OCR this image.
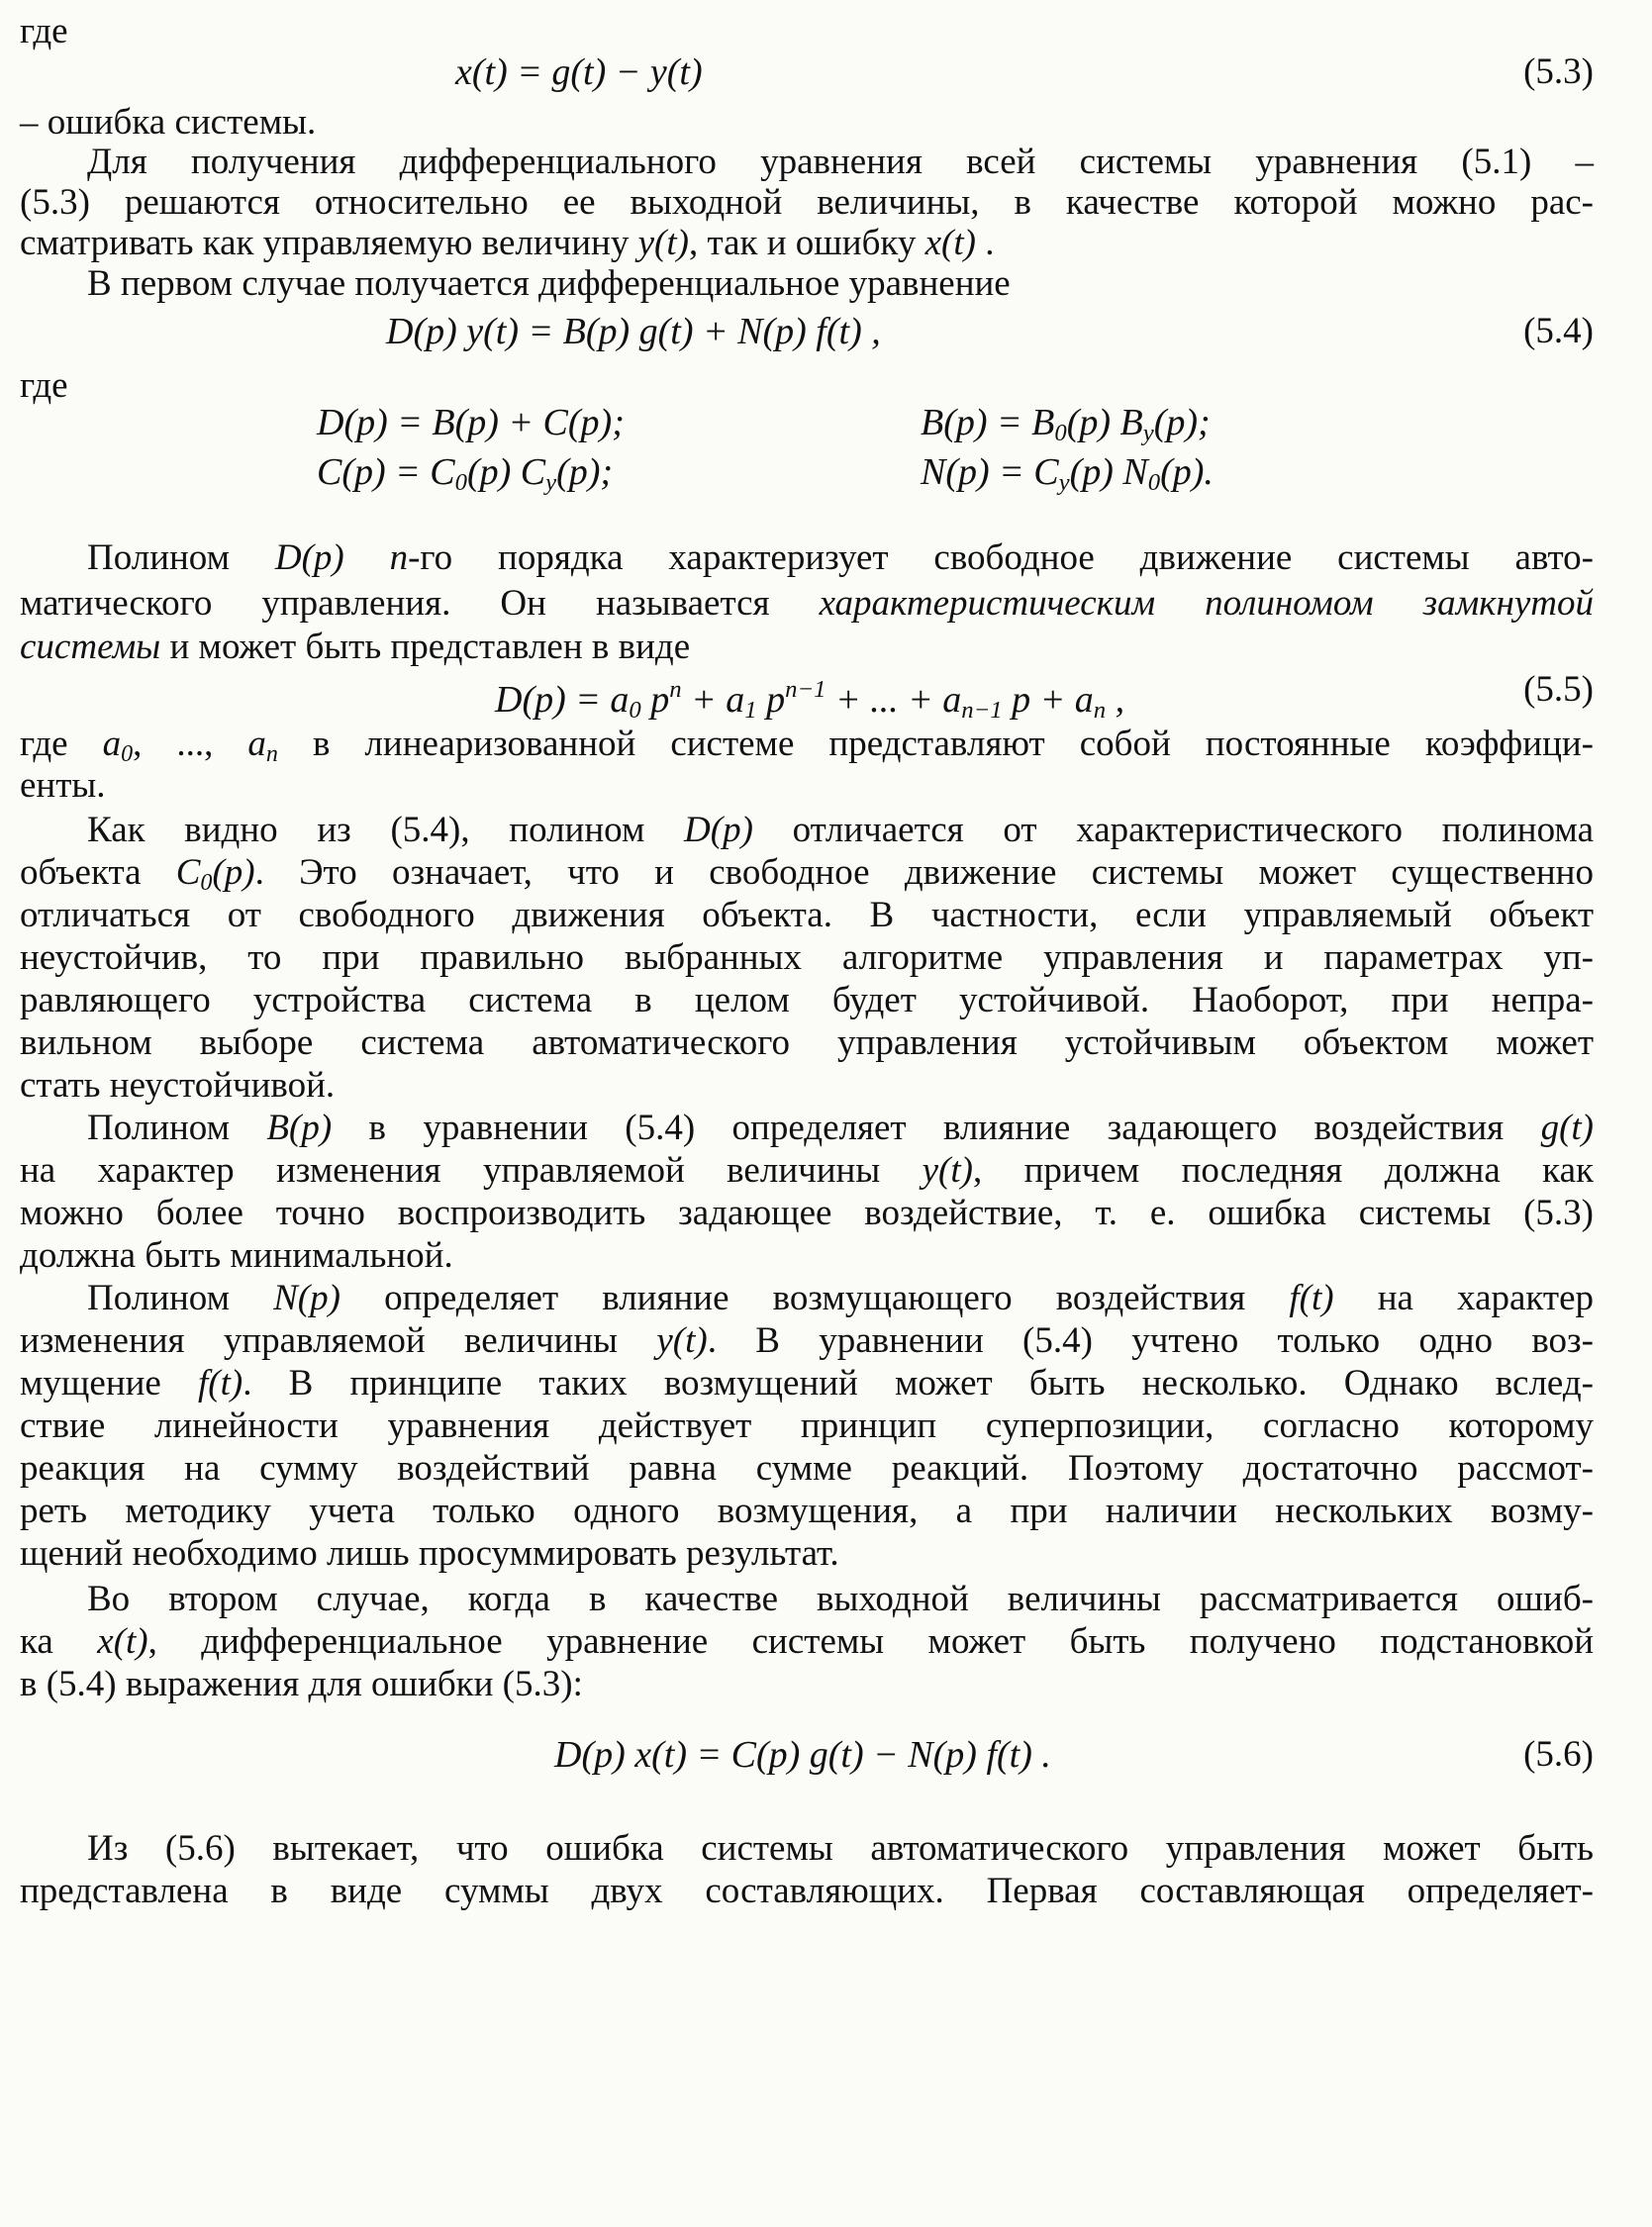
где
x(t) = g(t) − y(t)	(5.3)
– ошибка системы.
Для получения дифференциального уравнения всей системы уравнения (5.1) –
(5.3) решаются относительно ее выходной величины, в качестве которой можно рас-
сматривать как управляемую величину y(t), так и ошибку x(t) .
В первом случае получается дифференциальное уравнение
D(p) y(t) = B(p) g(t) + N(p) f(t) ,	(5.4)
где
D(p) = B(p) + C(p);	$B(p) = B_0(p)$ $B_y(p)$;
$C(p) = C_0(p)$ $C_y(p)$;	$N(p) = C_y(p)$ $N_0(p)$.
Полином D(p) n-го порядка характеризует свободное движение системы авто-
матического управления. Он называется характеристическим полиномом замкнутой
системы и может быть представлен в виде
$D(p) = a_0$ $p^n + a_1$ $p^{n-1}$ + ... + $a_{n-1}$ $p + a_n$ ,	(5.5)
где $a_0$, ..., $a_n$ в линеаризованной системе представляют собой постоянные коэффици-
енты.
Как видно из (5.4), полином D(p) отличается от характеристического полинома
объекта $C_0(p)$. Это означает, что и свободное движение системы может существенно
отличаться от свободного движения объекта. В частности, если управляемый объект
неустойчив, то при правильно выбранных алгоритме управления и параметрах уп-
равляющего устройства система в целом будет устойчивой. Наоборот, при непра-
вильном выборе система автоматического управления устойчивым объектом может
стать неустойчивой.
Полином B(p) в уравнении (5.4) определяет влияние задающего воздействия g(t)
на характер изменения управляемой величины y(t), причем последняя должна как
можно более точно воспроизводить задающее воздействие, т. е. ошибка системы (5.3)
должна быть минимальной.
Полином N(p) определяет влияние возмущающего воздействия f(t) на характер
изменения управляемой величины y(t). В уравнении (5.4) учтено только одно воз-
мущение f(t). В принципе таких возмущений может быть несколько. Однако вслед-
ствие линейности уравнения действует принцип суперпозиции, согласно которому
реакция на сумму воздействий равна сумме реакций. Поэтому достаточно рассмот-
реть методику учета только одного возмущения, а при наличии нескольких возму-
щений необходимо лишь просуммировать результат.
Во втором случае, когда в качестве выходной величины рассматривается ошиб-
ка x(t), дифференциальное уравнение системы может быть получено подстановкой
в (5.4) выражения для ошибки (5.3):
D(p) x(t) = C(p) g(t) − N(p) f(t) .	(5.6)
Из (5.6) вытекает, что ошибка системы автоматического управления может быть
представлена в виде суммы двух составляющих. Первая составляющая определяет-
